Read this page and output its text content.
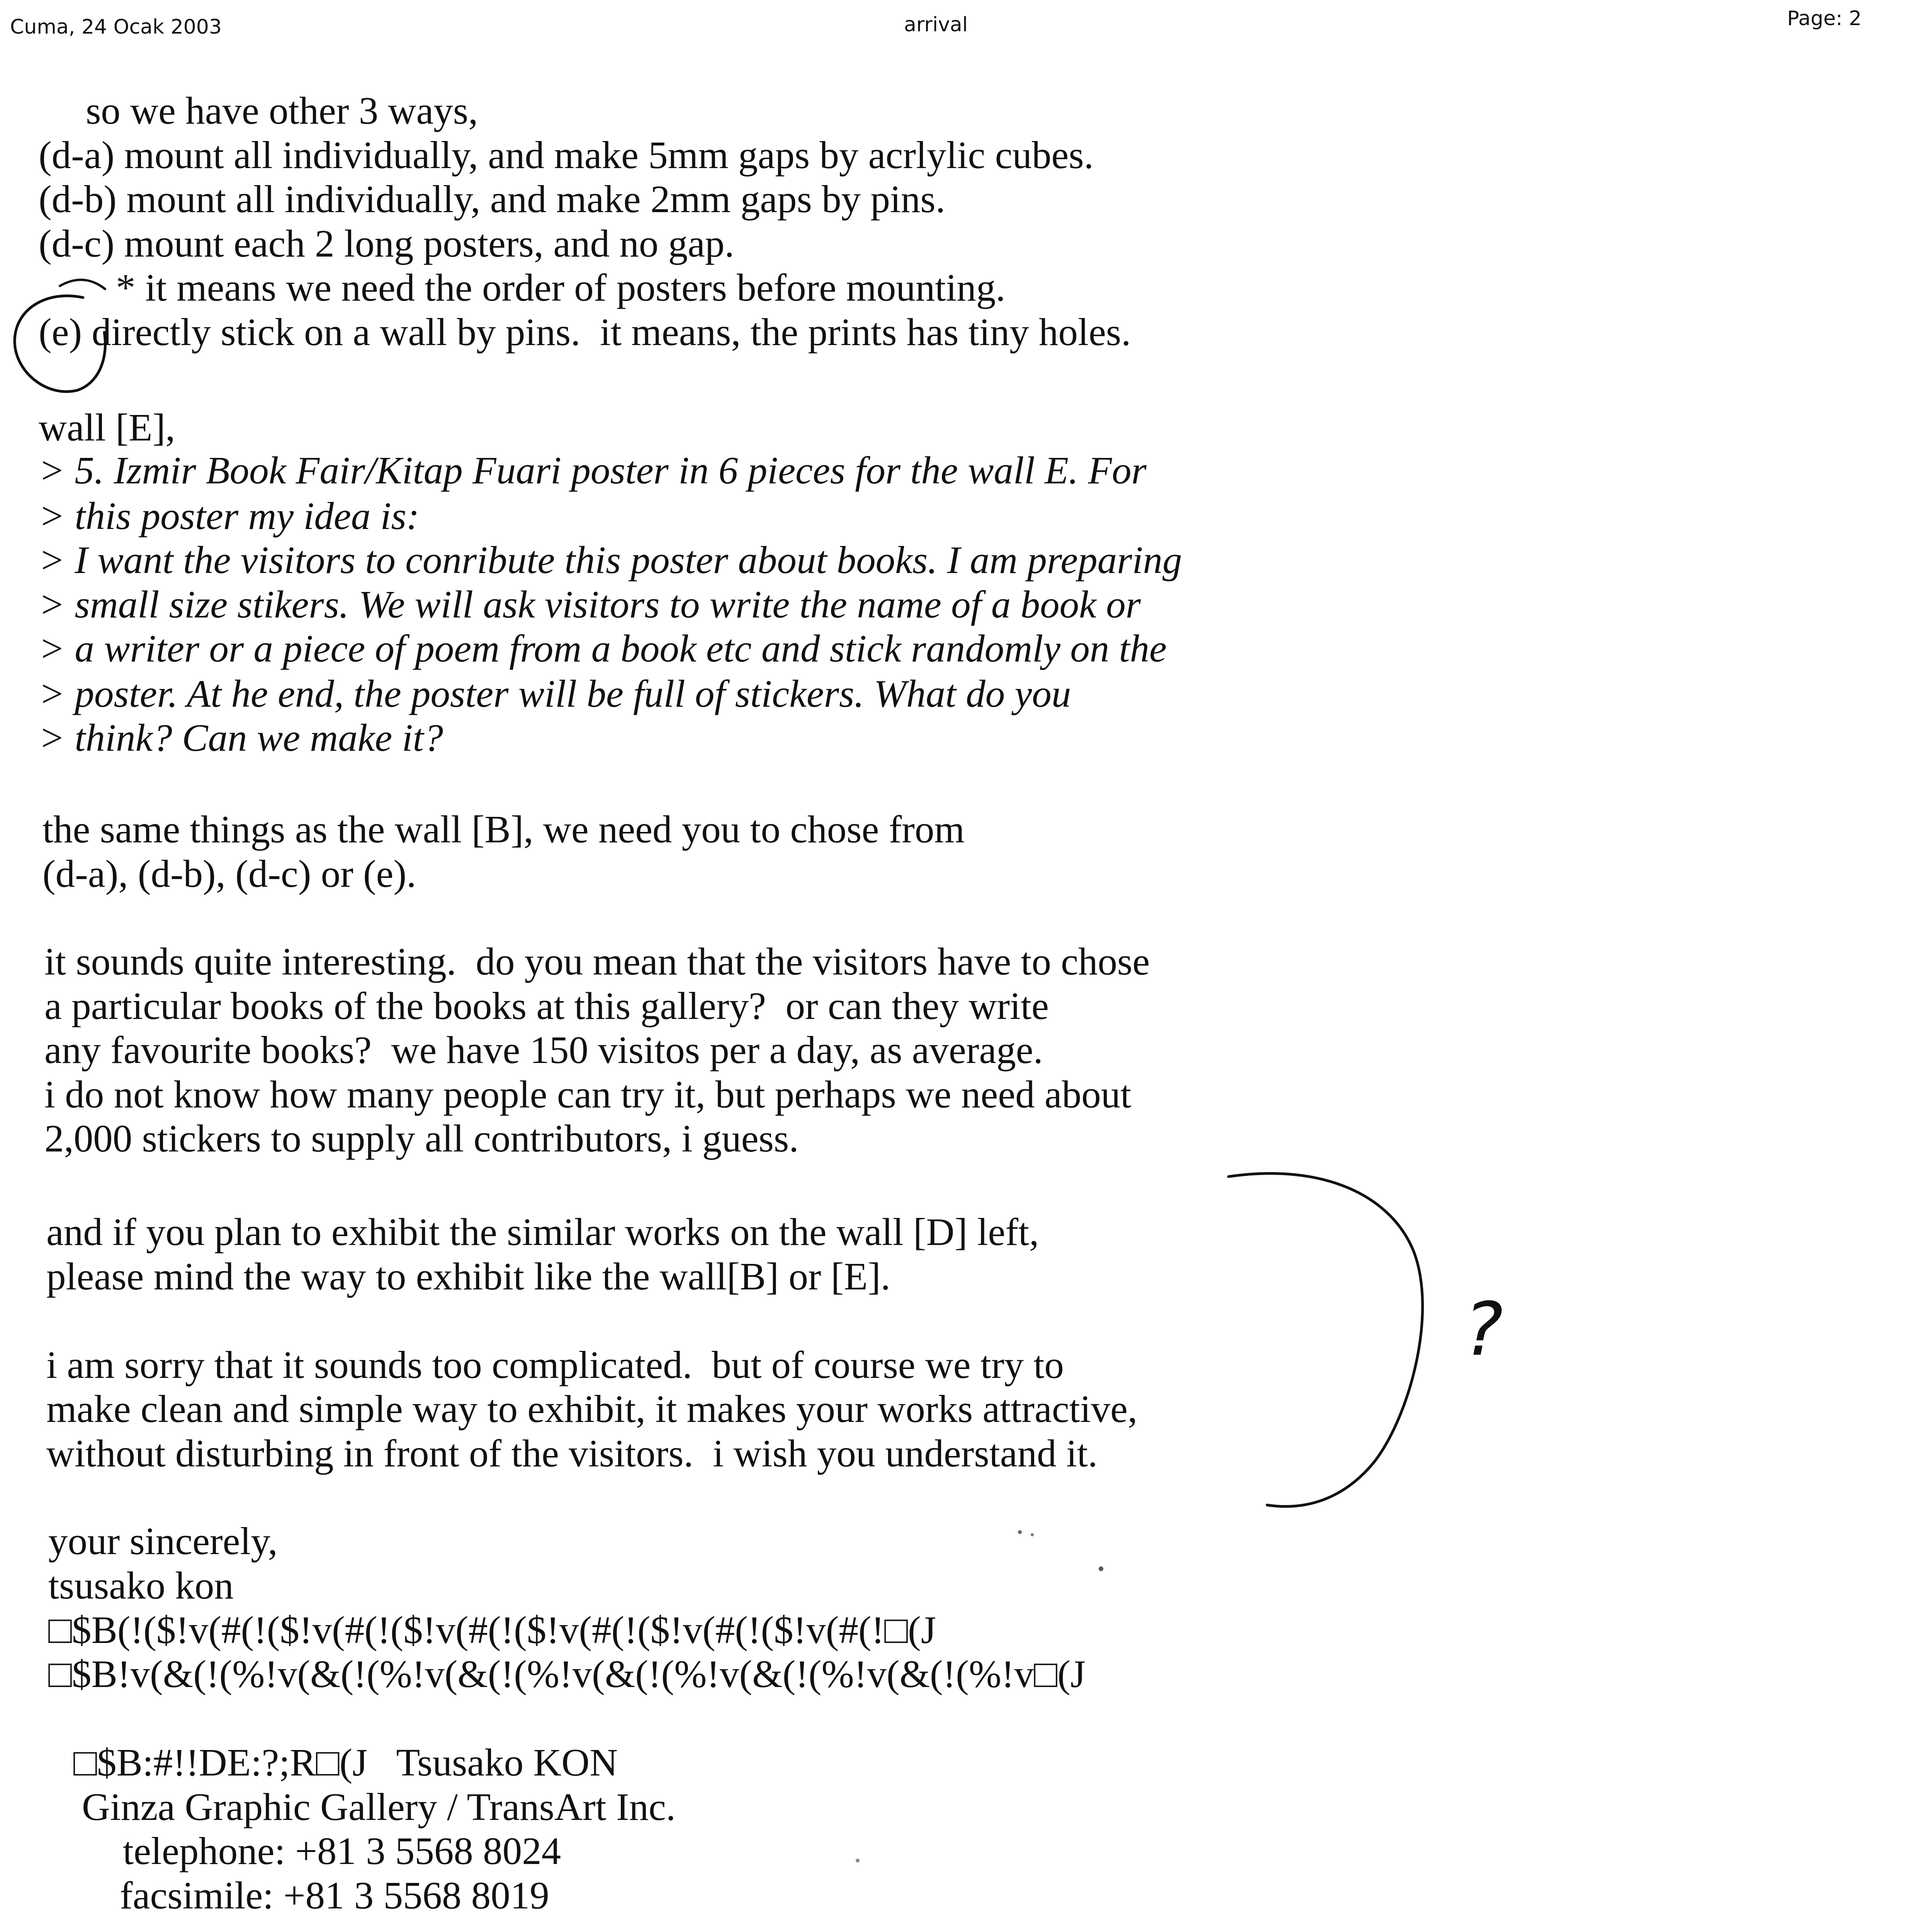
Cuma, 24 Ocak 2003	arrival	Page: 2
so we have other 3 ways,
(d-a) mount all individually, and make 5mm gaps by acrlylic cubes.
(d-b) mount all individually, and make 2mm gaps by pins.
(d-c) mount each 2 long posters, and no gap.
* it means we need the order of posters before mounting.
(e) directly stick on a wall by pins.  it means, the prints has tiny holes.
wall [E],
> 5. Izmir Book Fair/Kitap Fuari poster in 6 pieces for the wall E. For
> this poster my idea is:
> I want the visitors to conribute this poster about books. I am preparing
> small size stikers. We will ask visitors to write the name of a book or
> a writer or a piece of poem from a book etc and stick randomly on the
> poster. At he end, the poster will be full of stickers. What do you
> think? Can we make it?
the same things as the wall [B], we need you to chose from
(d-a), (d-b), (d-c) or (e).
it sounds quite interesting.  do you mean that the visitors have to chose
a particular books of the books at this gallery?  or can they write
any favourite books?  we have 150 visitos per a day, as average.
i do not know how many people can try it, but perhaps we need about
2,000 stickers to supply all contributors, i guess.
and if you plan to exhibit the similar works on the wall [D] left,
please mind the way to exhibit like the wall[B] or [E].
i am sorry that it sounds too complicated.  but of course we try to
make clean and simple way to exhibit, it makes your works attractive,
without disturbing in front of the visitors.  i wish you understand it.
your sincerely,
tsusako kon
□$B(!($!v(#(!($!v(#(!($!v(#(!($!v(#(!($!v(#(!($!v(#(!□(J
□$B!v(&(!(%!v(&(!(%!v(&(!(%!v(&(!(%!v(&(!(%!v(&(!(%!v□(J
□$B:#!!DE:?;R□(J   Tsusako KON
Ginza Graphic Gallery / TransArt Inc.
telephone: +81 3 5568 8024
facsimile: +81 3 5568 8019
?
